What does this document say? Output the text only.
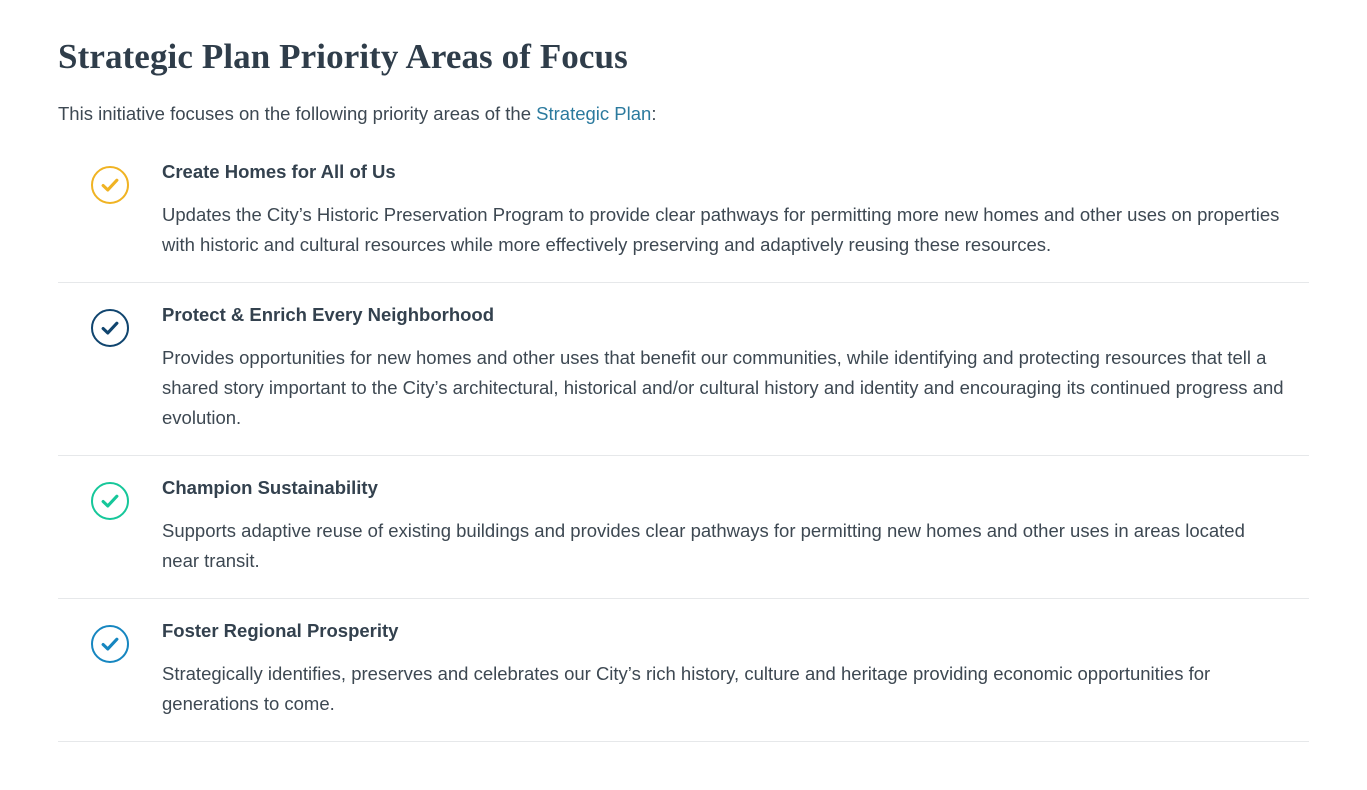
Strategic Plan Priority Areas of Focus

This initiative focuses on the following priority areas of the Strategic Plan:

Create Homes for All of Us

Updates the City’s Historic Preservation Program to provide clear pathways for permitting more new homes and other uses on properties with historic and cultural resources while more effectively preserving and adaptively reusing these resources.

Protect & Enrich Every Neighborhood

Provides opportunities for new homes and other uses that benefit our communities, while identifying and protecting resources that tell a shared story important to the City’s architectural, historical and/or cultural history and identity and encouraging its continued progress and evolution.

Champion Sustainability

Supports adaptive reuse of existing buildings and provides clear pathways for permitting new homes and other uses in areas located near transit.

Foster Regional Prosperity

Strategically identifies, preserves and celebrates our City’s rich history, culture and heritage providing economic opportunities for generations to come.
